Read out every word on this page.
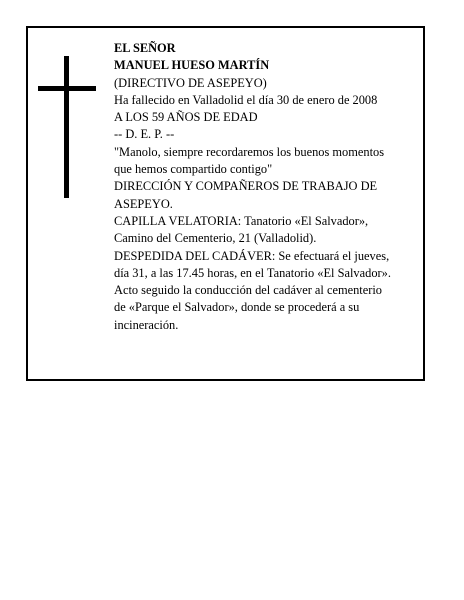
EL SEÑOR
MANUEL HUESO MARTÍN
(DIRECTIVO DE ASEPEYO)
Ha fallecido en Valladolid el día 30 de enero de 2008
A LOS 59 AÑOS DE EDAD
-- D. E. P. --
"Manolo, siempre recordaremos los buenos momentos
que hemos compartido contigo"
DIRECCIÓN Y COMPAÑEROS DE TRABAJO DE
ASEPEYO.
CAPILLA VELATORIA: Tanatorio «El Salvador»,
Camino del Cementerio, 21 (Valladolid).
DESPEDIDA DEL CADÁVER: Se efectuará el jueves,
día 31, a las 17.45 horas, en el Tanatorio «El Salvador».
Acto seguido la conducción del cadáver al cementerio
de «Parque el Salvador», donde se procederá a su
incineración.
